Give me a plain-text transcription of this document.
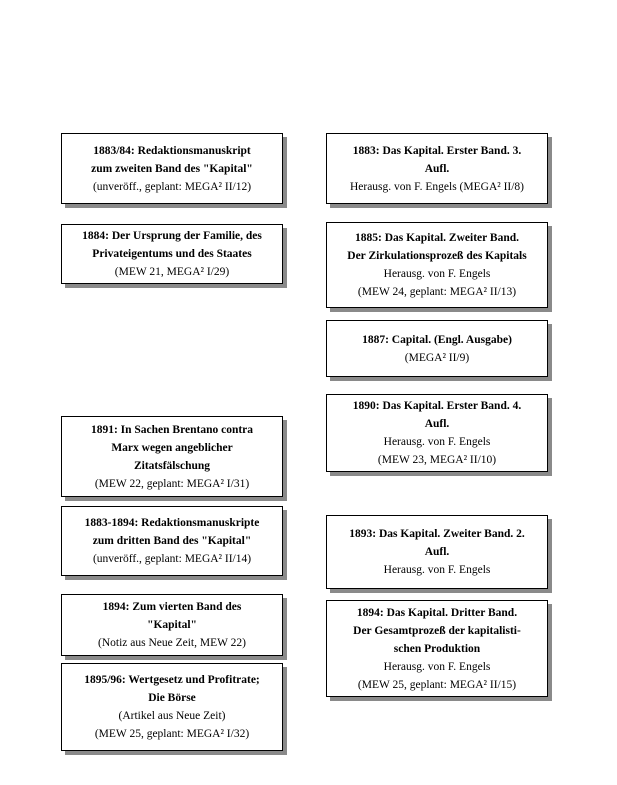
1883/84: Redaktionsmanuskript
zum zweiten Band des "Kapital"
(unveröff., geplant: MEGA² II/12)
1884: Der Ursprung der Familie, des
Privateigentums und des Staates
(MEW 21, MEGA² I/29)
1891: In Sachen Brentano contra
Marx wegen angeblicher
Zitatsfälschung
(MEW 22, geplant: MEGA² I/31)
1883-1894: Redaktionsmanuskripte
zum dritten Band des "Kapital"
(unveröff., geplant: MEGA² II/14)
1894: Zum vierten Band des
"Kapital"
(Notiz aus Neue Zeit, MEW 22)
1895/96: Wertgesetz und Profitrate;
Die Börse
(Artikel aus Neue Zeit)
(MEW 25, geplant: MEGA² I/32)
1883: Das Kapital. Erster Band. 3.
Aufl.
Herausg. von F. Engels (MEGA² II/8)
1885: Das Kapital. Zweiter Band.
Der Zirkulationsprozeß des Kapitals
Herausg. von F. Engels
(MEW 24, geplant: MEGA² II/13)
1887: Capital. (Engl. Ausgabe)
(MEGA² II/9)
1890: Das Kapital. Erster Band. 4.
Aufl.
Herausg. von F. Engels
(MEW 23, MEGA² II/10)
1893: Das Kapital. Zweiter Band. 2.
Aufl.
Herausg. von F. Engels
1894: Das Kapital. Dritter Band.
Der Gesamtprozeß der kapitalisti-
schen Produktion
Herausg. von F. Engels
(MEW 25, geplant: MEGA² II/15)
